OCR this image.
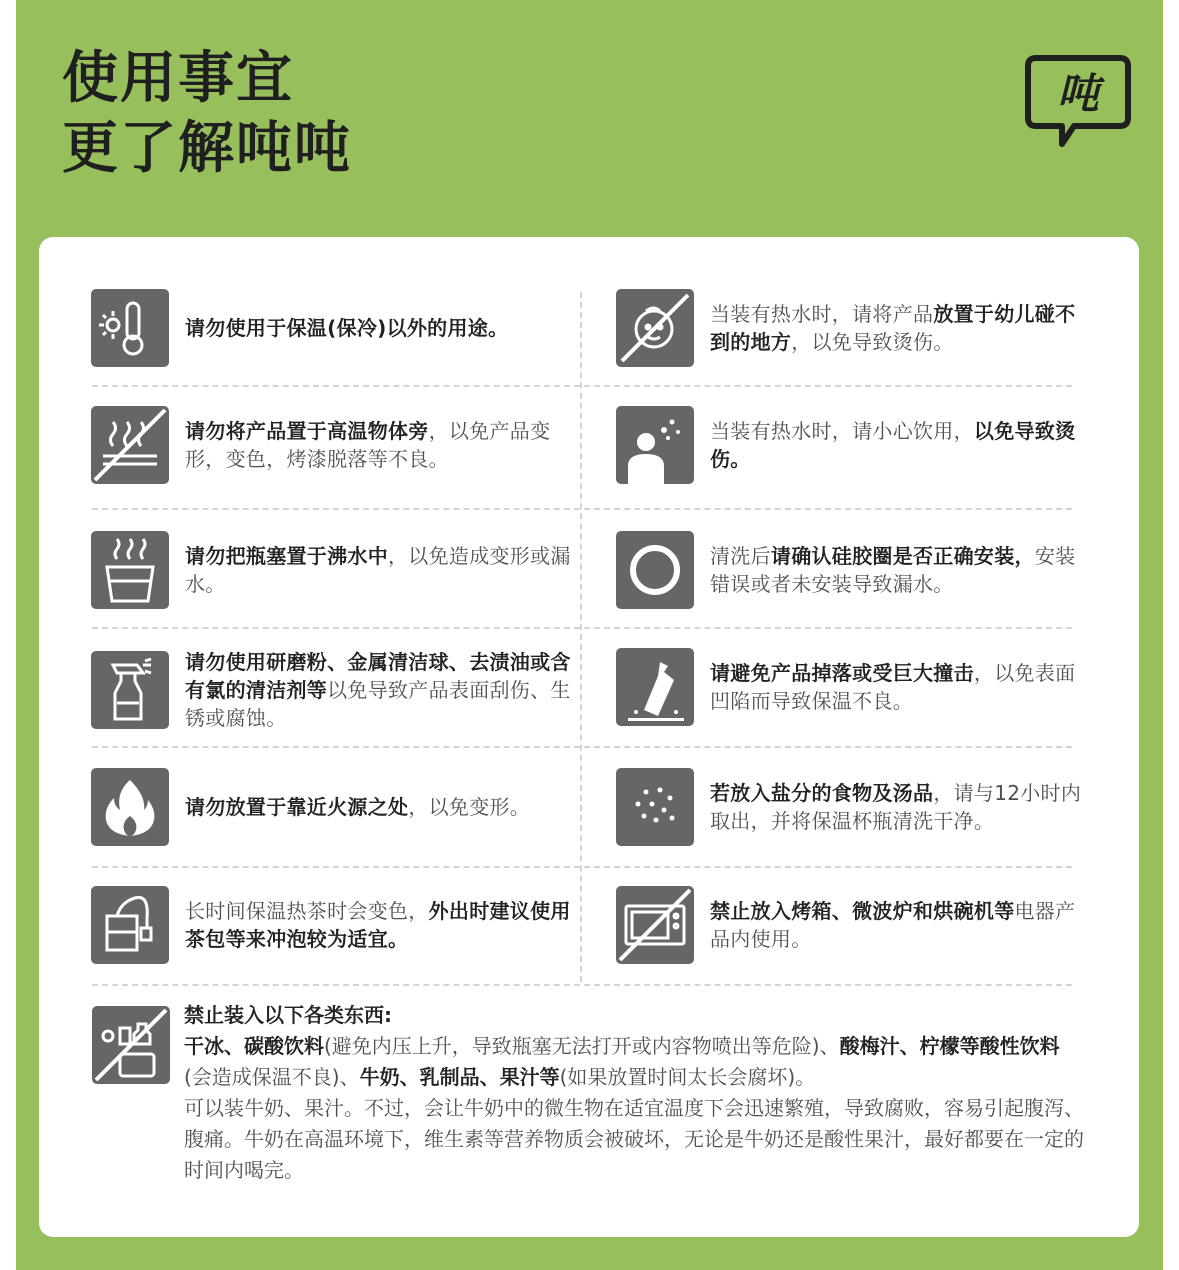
使用事宜
更了解吨吨
吨
请勿使用于保温(保冷)以外的用途。
当装有热水时，请将产品放置于幼儿碰不到的地方，以免导致烫伤。
请勿将产品置于高温物体旁，以免产品变形，变色，烤漆脱落等不良。
当装有热水时，请小心饮用，以免导致烫伤。
请勿把瓶塞置于沸水中，以免造成变形或漏水。
清洗后请确认硅胶圈是否正确安装，安装错误或者未安装导致漏水。
请勿使用研磨粉、金属清洁球、去渍油或含有氯的清洁剂等以免导致产品表面刮伤、生锈或腐蚀。
请避免产品掉落或受巨大撞击，以免表面凹陷而导致保温不良。
请勿放置于靠近火源之处，以免变形。
若放入盐分的食物及汤品，请与12小时内取出，并将保温杯瓶清洗干净。
长时间保温热茶时会变色，外出时建议使用茶包等来冲泡较为适宜。
禁止放入烤箱、微波炉和烘碗机等电器产品内使用。
禁止装入以下各类东西:
干冰、碳酸饮料(避免内压上升，导致瓶塞无法打开或内容物喷出等危险)、酸梅汁、柠檬等酸性饮料(会造成保温不良)、牛奶、乳制品、果汁等(如果放置时间太长会腐坏)。
可以装牛奶、果汁。不过，会让牛奶中的微生物在适宜温度下会迅速繁殖，导致腐败，容易引起腹泻、腹痛。牛奶在高温环境下，维生素等营养物质会被破坏，无论是牛奶还是酸性果汁，最好都要在一定的时间内喝完。
